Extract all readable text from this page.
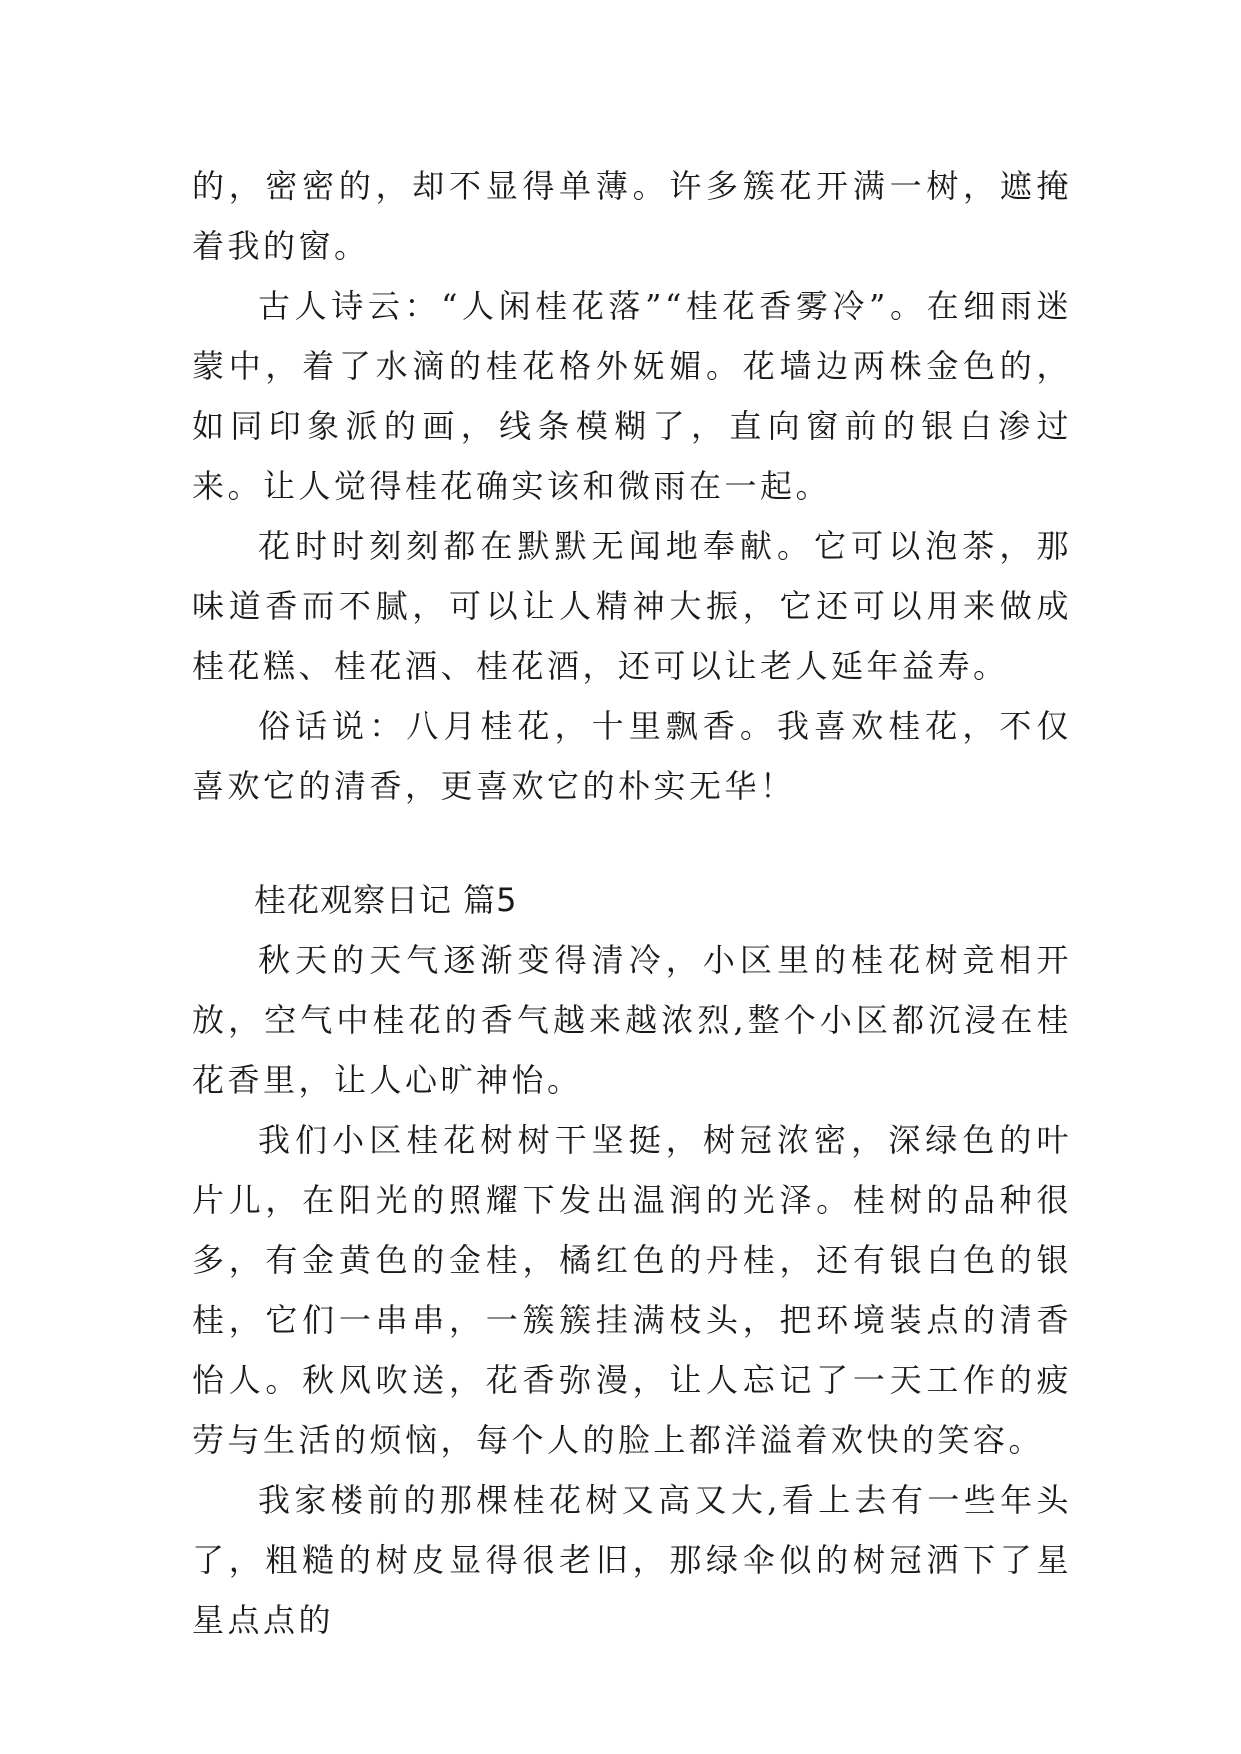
的，密密的，却不显得单薄。许多簇花开满一树，遮掩着我的窗。

古人诗云：“人闲桂花落”“桂花香雾冷”。在细雨迷蒙中，着了水滴的桂花格外妩媚。花墙边两株金色的，如同印象派的画，线条模糊了，直向窗前的银白渗过来。让人觉得桂花确实该和微雨在一起。

花时时刻刻都在默默无闻地奉献。它可以泡茶，那味道香而不腻，可以让人精神大振，它还可以用来做成桂花糕、桂花酒、桂花酒，还可以让老人延年益寿。

俗话说：八月桂花，十里飘香。我喜欢桂花，不仅喜欢它的清香，更喜欢它的朴实无华！

桂花观察日记 篇5

秋天的天气逐渐变得清冷，小区里的桂花树竞相开放，空气中桂花的香气越来越浓烈,整个小区都沉浸在桂花香里，让人心旷神怡。

我们小区桂花树树干坚挺，树冠浓密，深绿色的叶片儿，在阳光的照耀下发出温润的光泽。桂树的品种很多，有金黄色的金桂，橘红色的丹桂，还有银白色的银桂，它们一串串，一簇簇挂满枝头，把环境装点的清香怡人。秋风吹送，花香弥漫，让人忘记了一天工作的疲劳与生活的烦恼，每个人的脸上都洋溢着欢快的笑容。

我家楼前的那棵桂花树又高又大,看上去有一些年头了，粗糙的树皮显得很老旧，那绿伞似的树冠洒下了星星点点的
